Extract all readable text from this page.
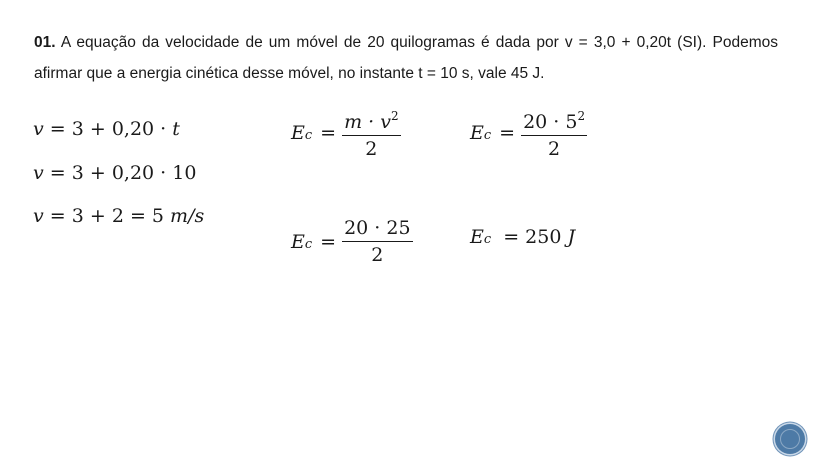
01. A equação da velocidade de um móvel de 20 quilogramas é dada por v = 3,0 + 0,20t (SI). Podemos afirmar que a energia cinética desse móvel, no instante t = 10 s, vale 45 J.
v = 3 + 0,20 · t
v = 3 + 0,20 · 10
v = 3 + 2 = 5 m/s
E $c = \frac{m \cdot v^2}{2}$	E $c = \frac{20 \cdot 5^2}{2}$
E $c = \frac{20 \cdot 25}{2}$	E c = 250 J
